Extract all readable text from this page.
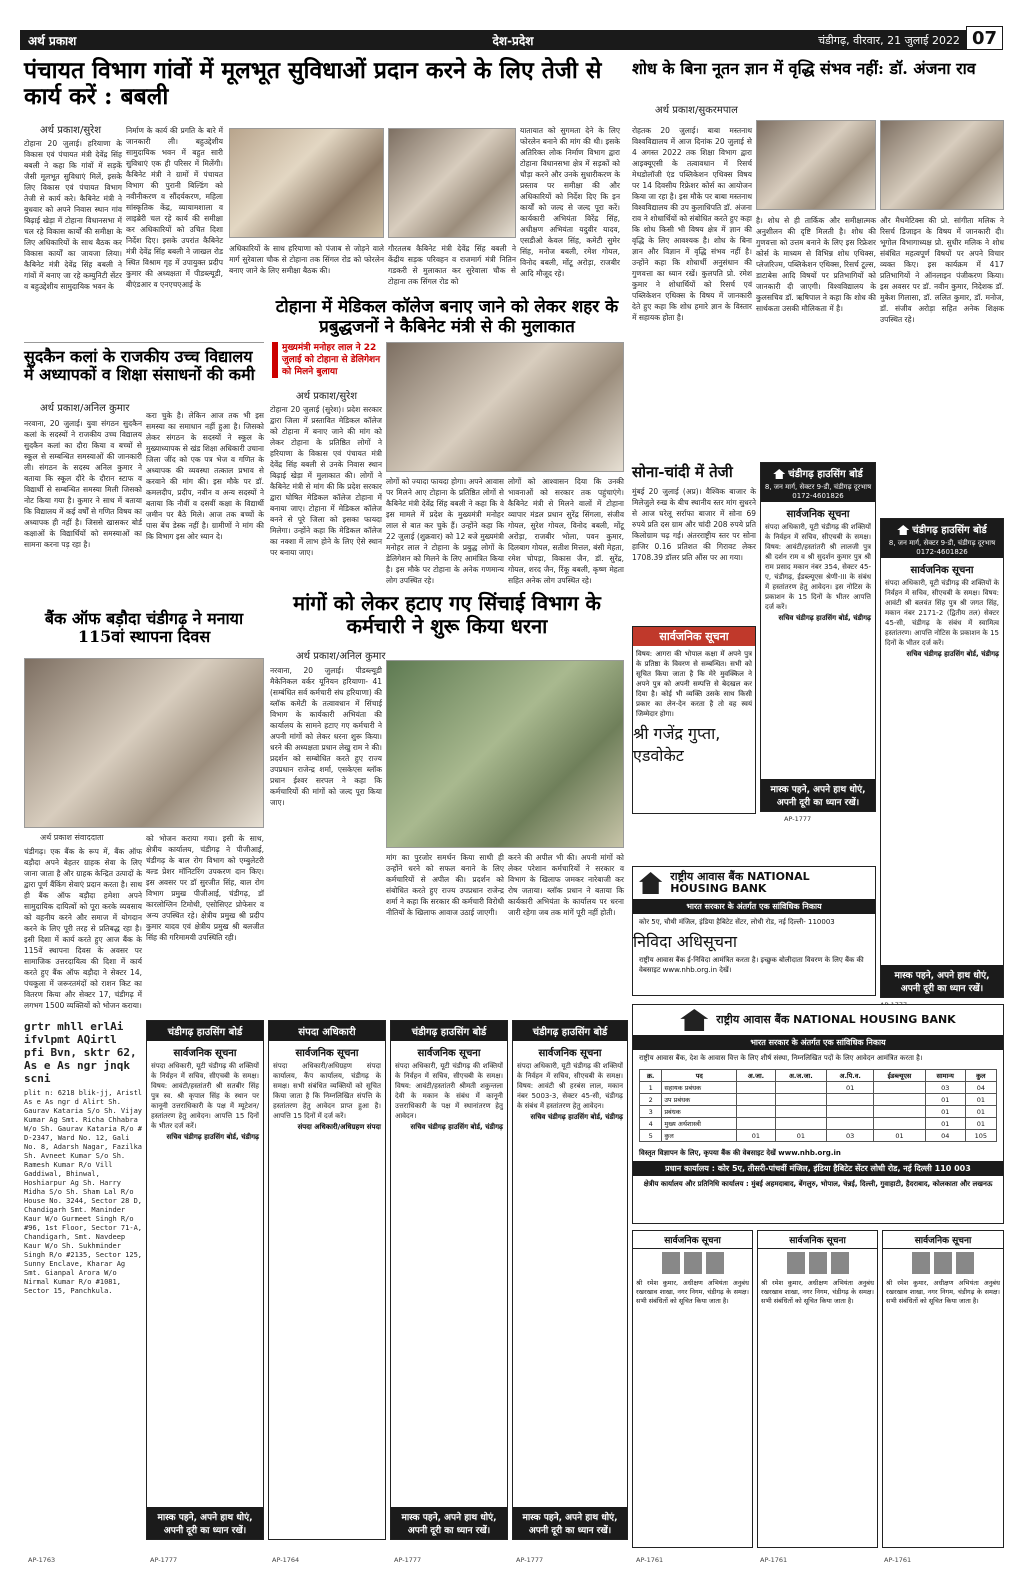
अर्थ प्रकाश	देश-प्रदेश	चंडीगढ़, वीरवार, 21 जुलाई 2022 07
पंचायत विभाग गांवों में मूलभूत सुविधाओं प्रदान करने के लिए तेजी से कार्य करें : बबली
अर्थ प्रकाश/सुरेश
टोहाना 20 जुलाई। हरियाणा के विकास एवं पंचायत मंत्री देवेंद्र सिंह बबली ने कहा कि गांवों में सड़कें जैसी मूलभूत सुविधाएं मिलें, इसके लिए विकास एवं पंचायत विभाग तेजी से कार्य करे। कैबिनेट मंत्री ने बुधवार को अपने निवास स्थान गांव बिढ़ाई खेड़ा में टोहाना विधानसभा में चल रहे विकास कार्यों की समीक्षा के लिए अधिकारियों के साथ बैठक कर विकास कार्यों का जायजा लिया। कैबिनेट मंत्री देवेंद्र सिंह बबली ने गांवों में बनाए जा रहे कम्युनिटी सेंटर व बहुउद्देशीय सामुदायिक भवन के
निर्माण के कार्य की प्रगति के बारे में जानकारी ली। बहुउद्देशीय सामुदायिक भवन में बहुत सारी सुविधाएं एक ही परिसर में मिलेंगी। कैबिनेट मंत्री ने ग्रामों में पंचायत विभाग की पुरानी बिल्डिंग को नवीनीकरण व सौंदर्यकरण, महिला सांस्कृतिक केंद्र, व्यायामशाला व लाइब्रेरी चल रहे कार्य की समीक्षा कर अधिकारियों को उचित दिशा निर्देश दिए। इसके उपरांत कैबिनेट मंत्री देवेंद्र सिंह बबली ने जाखल रोड स्थित विश्राम गृह में उपायुक्त प्रदीप कुमार की अध्यक्षता में पीडब्ल्यूडी, बीएंडआर व एनएचएआई के
अधिकारियों के साथ हरियाणा को पंजाब से जोड़ने वाले मार्ग सुरेवाला चौक से टोहाना तक सिंगल रोड को फोरलेन बनाए जाने के लिए समीक्षा बैठक की।
गौरतलब कैबिनेट मंत्री देवेंद्र सिंह बबली ने केंद्रीय सड़क परिवहन व राजमार्ग मंत्री नितिन गडकरी से मुलाकात कर सुरेवाला चौक से टोहाना तक सिंगल रोड को
यातायात को सुगमता देने के लिए फोरलेन बनाने की मांग की थी। इसके अतिरिक्त लोक निर्माण विभाग द्वारा टोहाना विधानसभा क्षेत्र में सड़कों को चौड़ा करने और उनके सुधारीकरण के प्रस्ताव पर समीक्षा की और अधिकारियों को निर्देश दिए कि इन कार्यों को जल्द से जल्द पूरा करें। कार्यकारी अभियंता विरेंद्र सिंह, अधीक्षण अभियंता यदुवीर यादव, एसडीओ केवल सिंह, कमेटी सुमेर सिंह, मनोज बबली, रमेश गोयल, विनोद बबली, मोंटू अरोड़ा, राजबीर आदि मौजूद रहे।
शोध के बिना नूतन ज्ञान में वृद्धि संभव नहीं: डॉ. अंजना राव
अर्थ प्रकाश/सुकरमपाल
रोहतक 20 जुलाई। बाबा मस्तनाथ विश्वविद्यालय में आज दिनांक 20 जुलाई से 4 अगस्त 2022 तक शिक्षा विभाग द्वारा आइक्यूएसी के तत्वावधान में रिसर्च मेथडोलॉजी एंड पब्लिकेशन एथिक्स विषय पर 14 दिवसीय रिफ्रेशर कोर्स का आयोजन किया जा रहा है। इस मौके पर बाबा मस्तनाथ विश्वविद्यालय की उप कुलाधिपति डॉ. अंजना राव ने शोधार्थियों को संबोधित करते हुए कहा कि शोध किसी भी विषय क्षेत्र में ज्ञान की वृद्धि के लिए आवश्यक है। शोध के बिना ज्ञान और विज्ञान में वृद्धि संभव नहीं है। उन्होंने कहा कि शोधार्थी अनुसंधान की गुणवत्ता का ध्यान रखें। कुलपति प्रो. रमेश कुमार ने शोधार्थियों को रिसर्च एवं पब्लिकेशन एथिक्स के विषय में जानकारी देते हुए कहा कि शोध हमारे ज्ञान के विस्तार में सहायक होता है।
है। शोध से ही तार्किक और समीक्षात्मक अनुशीलन की दृष्टि मिलती है। शोध की गुणवत्ता को उत्तम बनाने के लिए इस रिफ्रेशर कोर्स के माध्यम से विभिन्न शोध एथिक्स, प्लेजरिज्म, पब्लिकेशन एथिक्स, रिसर्च टूल्स, डाटाबेस आदि विषयों पर प्रतिभागियों को जानकारी दी जाएगी। विश्वविद्यालय के कुलसचिव डॉ. ऋषिपाल ने कहा कि शोध की सार्थकता उसकी मौलिकता में है।
और मैथमेटिक्स की प्रो. सांगीता मलिक ने रिसर्च डिजाइन के विषय में जानकारी दी। भूगोल विभागाध्यक्ष प्रो. सुधीर मलिक ने शोध संबंधित महत्वपूर्ण विषयों पर अपने विचार व्यक्त किए। इस कार्यक्रम में 417 प्रतिभागियों ने ऑनलाइन पंजीकरण किया। इस अवसर पर डॉ. नवीन कुमार, निदेशक डॉ. मुकेश गिलासा, डॉ. ललित कुमार, डॉ. मनोज, डॉ. संजीव अरोड़ा सहित अनेक शिक्षक उपस्थित रहे।
सुदकैन कलां के राजकीय उच्च विद्यालय में अध्यापकों व शिक्षा संसाधनों की कमी
अर्थ प्रकाश/अनिल कुमार
नरवाना, 20 जुलाई। युवा संगठन सुदकैन कलां के सदस्यों ने राजकीय उच्च विद्यालय सुदकैन कलां का दौरा किया व बच्चों से स्कूल से सम्बन्धित समस्याओं की जानकारी ली। संगठन के सदस्य अनिल कुमार ने बताया कि स्कूल दौरे के दौरान स्टाफ व विद्यार्थी से सम्बन्धित समस्या मिली जिसको नोट किया गया है। कुमार ने साथ में बताया कि विद्यालय में कई वर्षों से गणित विषय का अध्यापक ही नहीं है। जिससे खासकर बोर्ड कक्षाओं के विद्यार्थियों को समस्याओं का सामना करना पड़ रहा है।
करा चुके है। लेकिन आज तक भी इस समस्या का समाधान नहीं हुआ है। जिसको लेकर संगठन के सदस्यों ने स्कूल के मुख्याध्यापक से खंड शिक्षा अधिकारी उचाना जिला जींद को एक पत्र भेज व गणित के अध्यापक की व्यवस्था तत्काल प्रभाव से करवाने की मांग की। इस मौके पर डॉ. कमलदीप, प्रदीप, नवीन व अन्य सदस्यों ने बताया कि नौवीं व दसवीं कक्षा के विद्यार्थी जमीन पर बैठे मिले। आज तक बच्चों के पास बेंच डेस्क नहीं है। ग्रामीणों ने मांग की कि विभाग इस ओर ध्यान दे।
बैंक ऑफ बड़ौदा चंडीगढ़ ने मनाया 115वां स्थापना दिवस
अर्थ प्रकाश संवाददाता
चंडीगढ़। एक बैंक के रूप में, बैंक ऑफ बड़ौदा अपने बेहतर ग्राहक सेवा के लिए जाना जाता है और ग्राहक केन्द्रित उत्पादों के द्वारा पूर्ण बैंकिंग सेवाएं प्रदान करता है। साथ ही बैंक ऑफ बड़ौदा हमेशा अपने सामुदायिक दायित्वों को पूरा करके व्यवसाय को वहनीय करने और समाज में योगदान करने के लिए पूरी तरह से प्रतिबद्ध रहा है। इसी दिशा में कार्य करते हुए आज बैंक के 115वें स्थापना दिवस के अवसर पर सामाजिक उत्तरदायित्व की दिशा में कार्य करते हुए बैंक ऑफ बड़ौदा ने सेक्टर 14, पंचकूला में जरूरतमंदों को राशन किट का वितरण किया और सेक्टर 17, चंडीगढ़ में लगभग 1500 व्यक्तियों को भोजन कराया।
को भोजन कराया गया। इसी के साथ, क्षेत्रीय कार्यालय, चंडीगढ़ ने पीजीआई, चंडीगढ़ के बाल रोग विभाग को एम्बुलेटरी बल्ड प्रेशर मॉनिटरिंग उपकरण दान किए। इस अवसर पर डॉ सुरजीत सिंह, बाल रोग विभाग प्रमुख पीजीआई, चंडीगढ़, डॉ कारलोग्लिन टिमोथी, एसोसिएट प्रोफेसर व अन्य उपस्थित रहे। क्षेत्रीय प्रमुख श्री प्रदीप कुमार यादव एवं क्षेत्रीय प्रमुख श्री बलजीत सिंह की गरिमामयी उपस्थिति रही।
टोहाना में मेडिकल कॉलेज बनाए जाने को लेकर शहर के प्रबुद्धजनों ने कैबिनेट मंत्री से की मुलाकात
मुख्यमंत्री मनोहर लाल ने 22 जुलाई को टोहाना से डेलिगेशन को मिलने बुलाया
अर्थ प्रकाश/सुरेश
टोहाना 20 जुलाई (सुरेश)। प्रदेश सरकार द्वारा जिला में प्रस्तावित मेडिकल कॉलेज को टोहाना में बनाए जाने की मांग को लेकर टोहाना के प्रतिष्ठित लोगों ने हरियाणा के विकास एवं पंचायत मंत्री देवेंद्र सिंह बबली से उनके निवास स्थान बिढ़ाई खेड़ा में मुलाकात की। लोगों ने कैबिनेट मंत्री से मांग की कि प्रदेश सरकार द्वारा घोषित मेडिकल कॉलेज टोहाना में बनाया जाए। टोहाना में मेडिकल कॉलेज बनने से पूरे जिला को इसका फायदा मिलेगा। उन्होंने कहा कि मेडिकल कॉलेज का नक्शा में लाभ होने के लिए ऐसे स्थान पर बनाया जाए।
लोगों को ज्यादा फायदा होगा। अपने आवास पर मिलने आए टोहाना के प्रतिष्ठित लोगों से कैबिनेट मंत्री देवेंद्र सिंह बबली ने कहा कि वे इस मामले में प्रदेश के मुख्यमंत्री मनोहर लाल से बात कर चुके हैं। उन्होंने कहा कि 22 जुलाई (शुक्रवार) को 12 बजे मुख्यमंत्री मनोहर लाल ने टोहाना के प्रबुद्ध लोगों के डेलिगेशन को मिलने के लिए आमंत्रित किया है। इस मौके पर टोहाना के अनेक गणमान्य लोग उपस्थित रहे।
लोगों को आश्वासन दिया कि उनकी भावनाओं को सरकार तक पहुंचाएंगे। कैबिनेट मंत्री से मिलने वालों में टोहाना व्यापार मंडल प्रधान सुरेंद्र सिंगला, संजीव गोयल, सुरेश गोयल, विनोद बबली, मोंटू अरोड़ा, राजबीर भोला, पवन कुमार, दिलबाग गोयल, सतीश मित्तल, बंसी मेहता, रमेश चोपड़ा, विकास जैन, डॉ. सुरेंद्र, गोयल, शरद जैन, रिंकू बबली, कृष्ण मेहता सहित अनेक लोग उपस्थित रहे।
सोना-चांदी में तेजी
मुंबई 20 जुलाई (अप्र)। वैश्विक बाजार के मिलेजुले रुख के बीच स्थानीय स्तर मांग सुधरने से आज घरेलू सर्राफा बाजार में सोना 69 रुपये प्रति दस ग्राम और चांदी 208 रुपये प्रति किलोग्राम चढ़ गई। अंतरराष्ट्रीय स्तर पर सोना हाजिर 0.16 प्रतिशत की गिरावट लेकर 1708.39 डॉलर प्रति औंस पर आ गया।
सार्वजनिक सूचना
विषय: आगरा की भोपाल कक्षा में अपने पुत्र के प्रतिष्ठा के विवरण से सम्बन्धित। सभी को सूचित किया जाता है कि मेरे मुवक्किल ने अपने पुत्र को अपनी सम्पत्ति से बेदखल कर दिया है। कोई भी व्यक्ति उसके साथ किसी प्रकार का लेन-देन करता है तो वह स्वयं जिम्मेदार होगा।
श्री गजेंद्र गुप्ता, एडवोकेट
चंडीगढ़ हाउसिंग बोर्ड
8, जन मार्ग, सेक्टर 9-डी, चंडीगढ़ दूरभाष 0172-4601826
सार्वजनिक सूचना
संपदा अधिकारी, यूटी चंडीगढ़ की शक्तियों के निर्वहन में सचिव, सीएचबी के समक्ष। विषय: आवंटी/हस्तांतरी श्री लालजी पुत्र श्री दर्शन राम व श्री सुदर्शन कुमार पुत्र श्री राम प्रसाद मकान नंबर 354, सेक्टर 45-ए, चंडीगढ़, ईडब्ल्यूएस श्रेणी-III के संबंध में हस्तांतरण हेतु आवेदन। इस नोटिस के प्रकाशन के 15 दिनों के भीतर आपत्ति दर्ज करें।
सचिव चंडीगढ़ हाउसिंग बोर्ड, चंडीगढ़
मास्क पहने, अपने हाथ धोएं, अपनी दूरी का ध्यान रखें।
AP-1777
चंडीगढ़ हाउसिंग बोर्ड
8, जन मार्ग, सेक्टर 9-डी, चंडीगढ़ दूरभाष 0172-4601826
सार्वजनिक सूचना
संपदा अधिकारी, यूटी चंडीगढ़ की शक्तियों के निर्वहन में सचिव, सीएचबी के समक्ष। विषय: आवंटी श्री बलवंत सिंह पुत्र श्री जगत सिंह, मकान नंबर 2171-2 (द्वितीय तल) सेक्टर 45-सी, चंडीगढ़ के संबंध में स्वामित्व हस्तांतरण। आपत्ति नोटिस के प्रकाशन के 15 दिनों के भीतर दर्ज करें।
सचिव चंडीगढ़ हाउसिंग बोर्ड, चंडीगढ़
मास्क पहने, अपने हाथ धोएं, अपनी दूरी का ध्यान रखें।
मांगों को लेकर हटाए गए सिंचाई विभाग के कर्मचारी ने शुरू किया धरना
अर्थ प्रकाश/अनिल कुमार
नरवाना, 20 जुलाई। पीडब्ल्यूडी मैकेनिकल वर्कर यूनियन हरियाणा- 41 (सम्बंधित सर्व कर्मचारी संघ हरियाणा) की ब्लॉक कमेटी के तत्वावधान में सिंचाई विभाग के कार्यकारी अभियंता की कार्यालय के सामने हटाए गए कर्मचारी ने अपनी मांगों को लेकर धरना शुरू किया। धरने की अध्यक्षता प्रधान लेखु राम ने की। प्रदर्शन को सम्बोधित करते हुए राज्य उपप्रधान राजेन्द्र शर्मा, एसकेएस ब्लॉक प्रधान ईश्वर सरपल ने कहा कि कर्मचारियों की मांगों को जल्द पूरा किया जाए।
मांग का पुरजोर समर्थन किया साथी ही उन्होंने धरने को सफल बनाने के लिए कर्मचारियों से अपील की। प्रदर्शन को संबोधित करते हुए राज्य उपप्रधान राजेन्द्र शर्मा ने कहा कि सरकार की कर्मचारी विरोधी नीतियों के खिलाफ आवाज उठाई जाएगी।
करने की अपील भी की। अपनी मांगों को लेकर परेशान कर्मचारियों ने सरकार व विभाग के खिलाफ जमकर नारेबाजी कर रोष जताया। ब्लॉक प्रधान ने बताया कि कार्यकारी अभियंता के कार्यालय पर धरना जारी रहेगा जब तक मांगें पूरी नहीं होती।
राष्ट्रीय आवास बैंक NATIONAL HOUSING BANK
भारत सरकार के अंतर्गत एक सांविधिक निकाय
कोर 5ए, चौथी मंजिल, इंडिया हैबिटेट सेंटर, लोधी रोड, नई दिल्ली- 110003
निविदा अधिसूचना
राष्ट्रीय आवास बैंक ई-निविदा आमंत्रित करता है। इच्छुक बोलीदाता विवरण के लिए बैंक की वेबसाइट www.nhb.org.in देखें।
grtr mhll erlAi ifvlpmt AQirtl pfi Bvn, sktr 62, As e As ngr jnqk scni
plit n: 6218 blik-jj, Aristl As e As ngr d Alirt Sh. Gaurav Kataria S/o Sh. Vijay Kumar Ag Smt. Richa Chhabra W/o Sh. Gaurav Kataria R/o # D-2347, Ward No. 12, Gali No. 8, Adarsh Nagar, Fazilka Sh. Avneet Kumar S/o Sh. Ramesh Kumar R/o Vill Gaddiwal, Bhinwal, Hoshiarpur Ag Sh. Harry Midha S/o Sh. Sham Lal R/o House No. 3244, Sector 28 D, Chandigarh Smt. Maninder Kaur W/o Gurmeet Singh R/o #96, 1st Floor, Sector 71-A, Chandigarh, Smt. Navdeep Kaur W/o Sh. Sukhminder Singh R/o #2135, Sector 125, Sunny Enclave, Kharar Ag Smt. Gianpal Arora W/o Nirmal Kumar R/o #1081, Sector 15, Panchkula.
चंडीगढ़ हाउसिंग बोर्ड
सार्वजनिक सूचना
संपदा अधिकारी, यूटी चंडीगढ़ की शक्तियों के निर्वहन में सचिव, सीएचबी के समक्ष। विषय: आवंटी/हस्तांतरी श्री सतबीर सिंह पुत्र स्व. श्री कृपाल सिंह के स्थान पर कानूनी उत्तराधिकारी के पक्ष में म्यूटेशन/हस्तांतरण हेतु आवेदन। आपत्ति 15 दिनों के भीतर दर्ज करें।
सचिव चंडीगढ़ हाउसिंग बोर्ड, चंडीगढ़
मास्क पहने, अपने हाथ धोएं, अपनी दूरी का ध्यान रखें।
संपदा अधिकारी
सार्वजनिक सूचना
संपदा अधिकारी/अधिग्रहण संपदा कार्यालय, कैंप कार्यालय, चंडीगढ़ के समक्ष। सभी संबंधित व्यक्तियों को सूचित किया जाता है कि निम्नलिखित संपत्ति के हस्तांतरण हेतु आवेदन प्राप्त हुआ है। आपत्ति 15 दिनों में दर्ज करें।
संपदा अधिकारी/अधिग्रहण संपदा
चंडीगढ़ हाउसिंग बोर्ड
सार्वजनिक सूचना
संपदा अधिकारी, यूटी चंडीगढ़ की शक्तियों के निर्वहन में सचिव, सीएचबी के समक्ष। विषय: आवंटी/हस्तांतरी श्रीमती शकुन्तला देवी के मकान के संबंध में कानूनी उत्तराधिकारी के पक्ष में स्थानांतरण हेतु आवेदन।
सचिव चंडीगढ़ हाउसिंग बोर्ड, चंडीगढ़
मास्क पहने, अपने हाथ धोएं, अपनी दूरी का ध्यान रखें।
चंडीगढ़ हाउसिंग बोर्ड
सार्वजनिक सूचना
संपदा अधिकारी, यूटी चंडीगढ़ की शक्तियों के निर्वहन में सचिव, सीएचबी के समक्ष। विषय: आवंटी श्री हरबंस लाल, मकान नंबर 5003-3, सेक्टर 45-सी, चंडीगढ़ के संबंध में हस्तांतरण हेतु आवेदन।
सचिव चंडीगढ़ हाउसिंग बोर्ड, चंडीगढ़
मास्क पहने, अपने हाथ धोएं, अपनी दूरी का ध्यान रखें।
राष्ट्रीय आवास बैंक NATIONAL HOUSING BANK
भारत सरकार के अंतर्गत एक सांविधिक निकाय
राष्ट्रीय आवास बैंक, देश के आवास वित्त के लिए शीर्ष संस्था, निम्नलिखित पदों के लिए आवेदन आमंत्रित करता है।
क्र.	पद	अ.जा.	अ.ज.जा.	अ.पि.व.	ईडब्ल्यूएस	सामान्य	कुल
1	सहायक प्रबंधक			01		03	04
2	उप प्रबंधक					01	01
3	प्रबंधक					01	01
4	मुख्य अर्थशास्त्री					01	01
5	कुल	01	01	03	01	04	105
विस्तृत विज्ञापन के लिए, कृपया बैंक की वेबसाइट देखें www.nhb.org.in
प्रधान कार्यालय : कोर 5ए, तीसरी-पांचवीं मंजिल, इंडिया हैबिटेट सेंटर लोधी रोड, नई दिल्ली 110 003
क्षेत्रीय कार्यालय और प्रतिनिधि कार्यालय : मुंबई अहमदाबाद, बेंगलुरु, भोपाल, चेन्नई, दिल्ली, गुवाहाटी, हैदराबाद, कोलकाता और लखनऊ
सार्वजनिक सूचना
श्री रमेश कुमार, अधीक्षण अभियंता अनुबंध रखरखाव शाखा, नगर निगम, चंडीगढ़ के समक्ष। सभी संबंधितों को सूचित किया जाता है।
सार्वजनिक सूचना
श्री रमेश कुमार, अधीक्षण अभियंता अनुबंध रखरखाव शाखा, नगर निगम, चंडीगढ़ के समक्ष। सभी संबंधितों को सूचित किया जाता है।
सार्वजनिक सूचना
श्री रमेश कुमार, अधीक्षण अभियंता अनुबंध रखरखाव शाखा, नगर निगम, चंडीगढ़ के समक्ष। सभी संबंधितों को सूचित किया जाता है।
AP-1763	AP-1777	AP-1764	AP-1777	AP-1777	AP-1761	AP-1761	AP-1761
